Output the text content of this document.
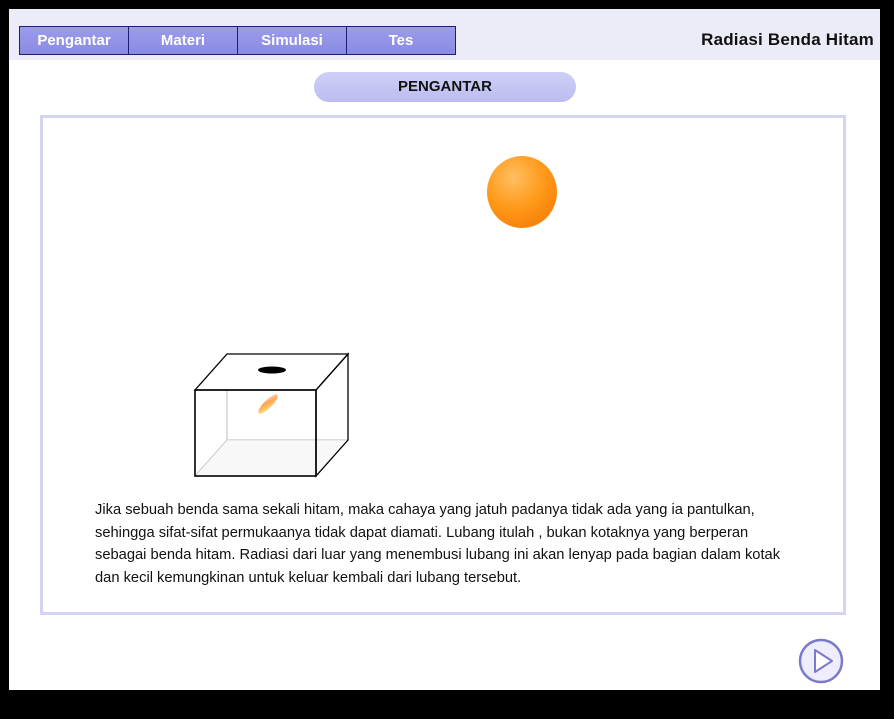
Pengantar	Materi	Simulasi	Tes	Radiasi Benda Hitam
PENGANTAR

Jika sebuah benda sama sekali hitam, maka cahaya yang jatuh padanya tidak ada yang ia pantulkan, sehingga sifat-sifat permukaanya tidak dapat diamati. Lubang itulah , bukan kotaknya yang berperan sebagai benda hitam. Radiasi dari luar yang menembusi lubang ini akan lenyap pada bagian dalam kotak dan kecil kemungkinan untuk keluar kembali dari lubang tersebut.
